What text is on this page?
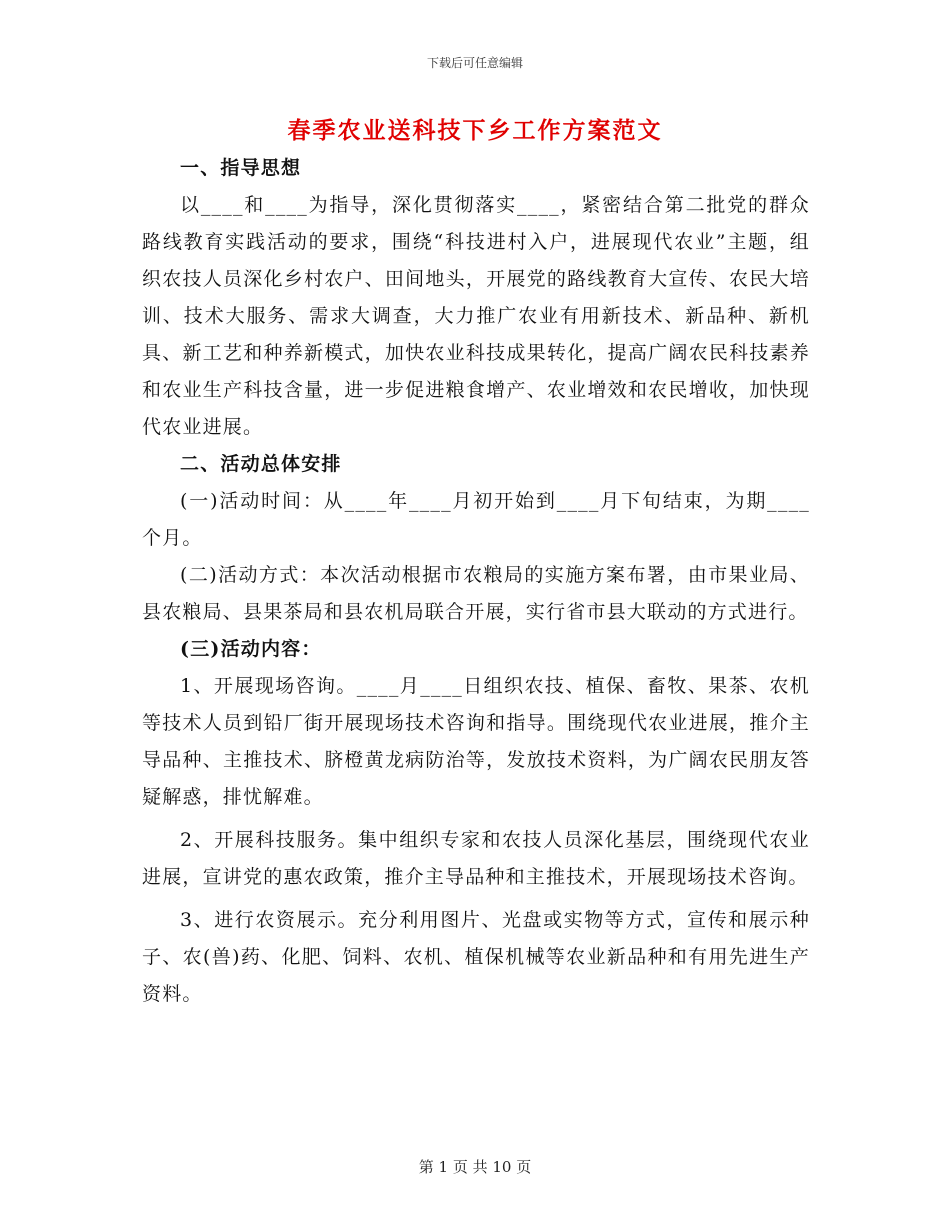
下载后可任意编辑
春季农业送科技下乡工作方案范文

一、指导思想

以____和____为指导，深化贯彻落实____，紧密结合第二批党的群众路线教育实践活动的要求，围绕“科技进村入户，进展现代农业”主题，组织农技人员深化乡村农户、田间地头，开展党的路线教育大宣传、农民大培训、技术大服务、需求大调查，大力推广农业有用新技术、新品种、新机具、新工艺和种养新模式，加快农业科技成果转化，提高广阔农民科技素养和农业生产科技含量，进一步促进粮食增产、农业增效和农民增收，加快现代农业进展。

二、活动总体安排

(一)活动时间：从____年____月初开始到____月下旬结束，为期____个月。

(二)活动方式：本次活动根据市农粮局的实施方案布署，由市果业局、县农粮局、县果茶局和县农机局联合开展，实行省市县大联动的方式进行。

(三)活动内容：

1、开展现场咨询。____月____日组织农技、植保、畜牧、果茶、农机等技术人员到铅厂街开展现场技术咨询和指导。围绕现代农业进展，推介主导品种、主推技术、脐橙黄龙病防治等，发放技术资料，为广阔农民朋友答疑解惑，排忧解难。

2、开展科技服务。集中组织专家和农技人员深化基层，围绕现代农业进展，宣讲党的惠农政策，推介主导品种和主推技术，开展现场技术咨询。

3、进行农资展示。充分利用图片、光盘或实物等方式，宣传和展示种子、农(兽)药、化肥、饲料、农机、植保机械等农业新品种和有用先进生产资料。

第 1 页 共 10 页
